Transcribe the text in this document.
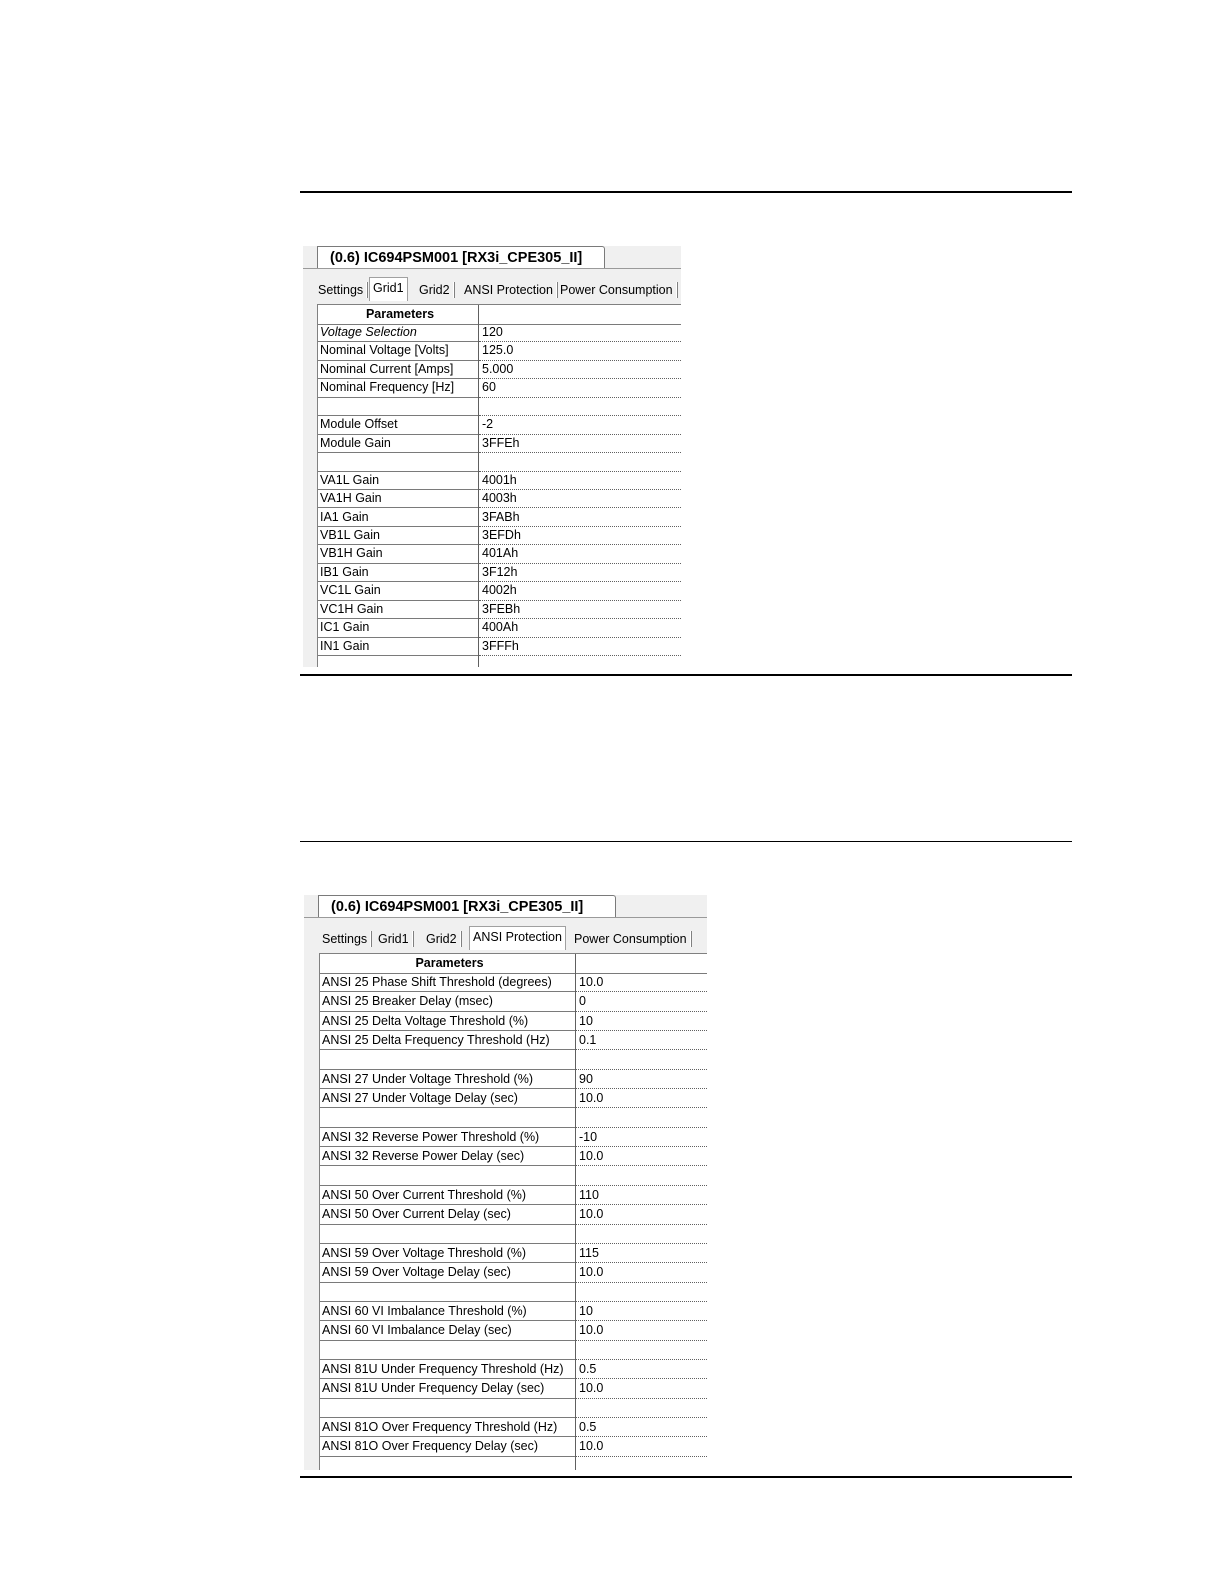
(0.6) IC694PSM001 [RX3i_CPE305_II]
Settings Grid1	Grid2 ANSI Protection Power Consumption
Parameters
Voltage Selection	120
Nominal Voltage [Volts]	125.0
Nominal Current [Amps] 5.000
Nominal Frequency [Hz] 60
Module Offset	-2
Module Gain	3FFEh
VA1L Gain	4001h
VA1H Gain	4003h
IA1 Gain	3FABh
VB1L Gain	3EFDh
VB1H Gain	401Ah
IB1 Gain	3F12h
VC1L Gain	4002h
VC1H Gain	3FEBh
IC1 Gain	400Ah
IN1 Gain	3FFFh
(0.6) IC694PSM001 [RX3i_CPE305_II]
Settings Grid1 Grid2	ANSI Protection Power Consumption
Parameters
ANSI 25 Phase Shift Threshold (degrees) 10.0
ANSI 25 Breaker Delay (msec)	0
ANSI 25 Delta Voltage Threshold (%)	10
ANSI 25 Delta Frequency Threshold (Hz) 0.1
ANSI 27 Under Voltage Threshold (%)	90
ANSI 27 Under Voltage Delay (sec)	10.0
ANSI 32 Reverse Power Threshold (%)	-10
ANSI 32 Reverse Power Delay (sec)	10.0
ANSI 50 Over Current Threshold (%)	110
ANSI 50 Over Current Delay (sec)	10.0
ANSI 59 Over Voltage Threshold (%)	115
ANSI 59 Over Voltage Delay (sec)	10.0
ANSI 60 VI Imbalance Threshold (%)	10
ANSI 60 VI Imbalance Delay (sec)	10.0
ANSI 81U Under Frequency Threshold (Hz) 0.5
ANSI 81U Under Frequency Delay (sec)	10.0
ANSI 81O Over Frequency Threshold (Hz) 0.5
ANSI 81O Over Frequency Delay (sec)	10.0
